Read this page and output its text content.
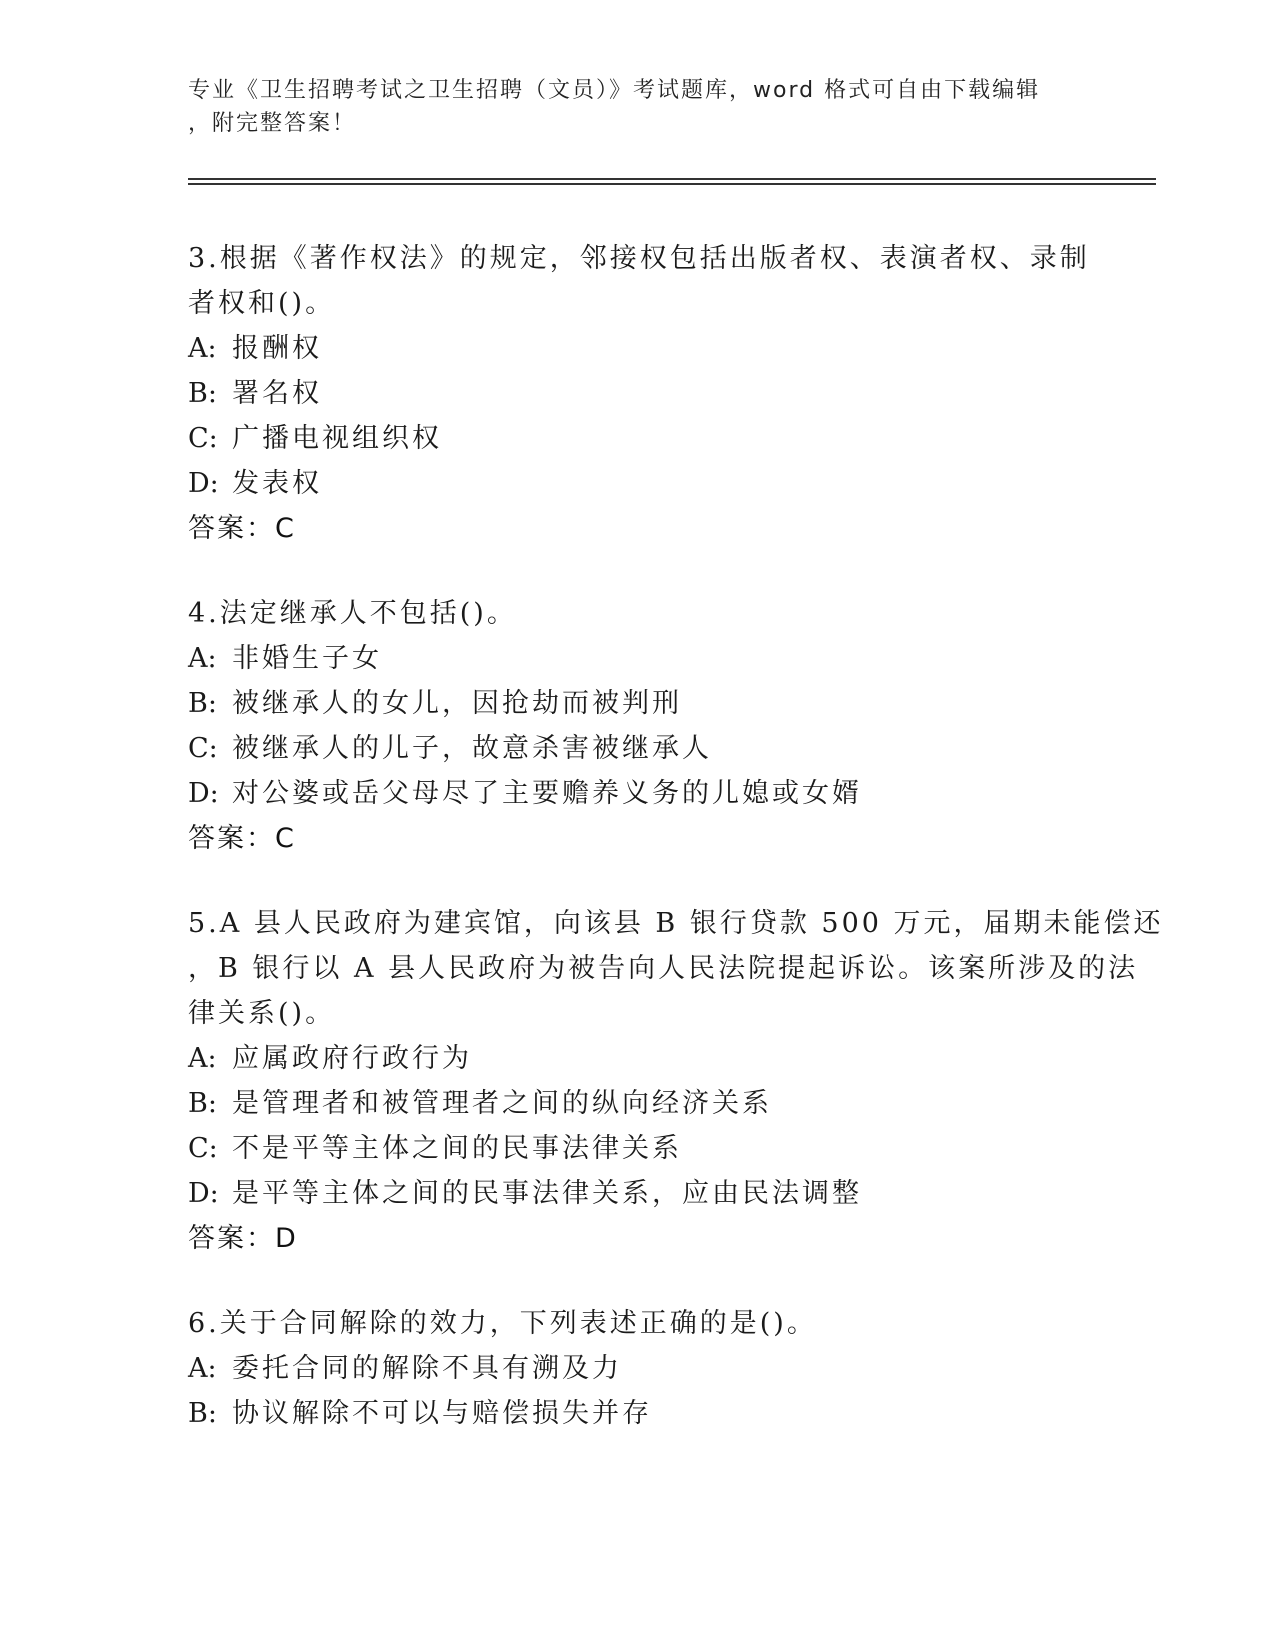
专业《卫生招聘考试之卫生招聘（文员）》考试题库，word 格式可自由下载编辑
，附完整答案！
3.根据《著作权法》的规定，邻接权包括出版者权、表演者权、录制
者权和()。
A: 报酬权
B: 署名权
C: 广播电视组织权
D: 发表权
答案：C
4.法定继承人不包括()。
A: 非婚生子女
B: 被继承人的女儿，因抢劫而被判刑
C: 被继承人的儿子，故意杀害被继承人
D: 对公婆或岳父母尽了主要赡养义务的儿媳或女婿
答案：C
5.A 县人民政府为建宾馆，向该县 B 银行贷款 500 万元，届期未能偿还
，B 银行以 A 县人民政府为被告向人民法院提起诉讼。该案所涉及的法
律关系()。
A: 应属政府行政行为
B: 是管理者和被管理者之间的纵向经济关系
C: 不是平等主体之间的民事法律关系
D: 是平等主体之间的民事法律关系，应由民法调整
答案：D
6.关于合同解除的效力，下列表述正确的是()。
A: 委托合同的解除不具有溯及力
B: 协议解除不可以与赔偿损失并存
